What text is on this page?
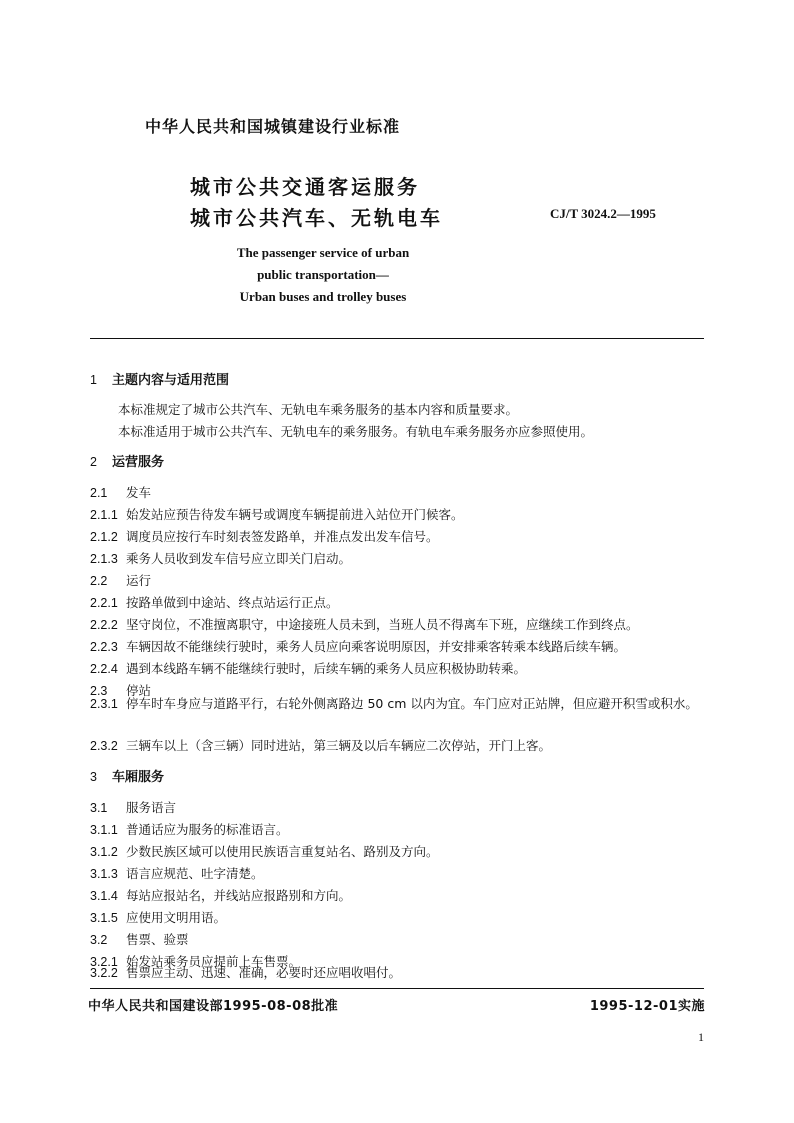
中华人民共和国城镇建设行业标准
城市公共交通客运服务
城市公共汽车、无轨电车	CJ/T 3024.2—1995
The passenger service of urban
public transportation—
Urban buses and trolley buses
1 主题内容与适用范围
本标准规定了城市公共汽车、无轨电车乘务服务的基本内容和质量要求。
本标准适用于城市公共汽车、无轨电车的乘务服务。有轨电车乘务服务亦应参照使用。
2 运营服务
2.1 发车
2.1.1 始发站应预告待发车辆号或调度车辆提前进入站位开门候客。
2.1.2 调度员应按行车时刻表签发路单，并准点发出发车信号。
2.1.3 乘务人员收到发车信号应立即关门启动。
2.2 运行
2.2.1 按路单做到中途站、终点站运行正点。
2.2.2 坚守岗位，不准擅离职守，中途接班人员未到，当班人员不得离车下班，应继续工作到终点。
2.2.3 车辆因故不能继续行驶时，乘务人员应向乘客说明原因，并安排乘客转乘本线路后续车辆。
2.2.4 遇到本线路车辆不能继续行驶时，后续车辆的乘务人员应积极协助转乘。
2.3 停站
2.3.1 停车时车身应与道路平行，右轮外侧离路边 50 cm 以内为宜。车门应对正站牌，但应避开积雪或积水。
2.3.2 三辆车以上（含三辆）同时进站，第三辆及以后车辆应二次停站，开门上客。
3 车厢服务
3.1 服务语言
3.1.1 普通话应为服务的标准语言。
3.1.2 少数民族区域可以使用民族语言重复站名、路别及方向。
3.1.3 语言应规范、吐字清楚。
3.1.4 每站应报站名，并线站应报路别和方向。
3.1.5 应使用文明用语。
3.2 售票、验票
3.2.1 始发站乘务员应提前上车售票。
3.2.2 售票应主动、迅速、准确，必要时还应唱收唱付。
中华人民共和国建设部1995-08-08批准	1995-12-01实施
1
